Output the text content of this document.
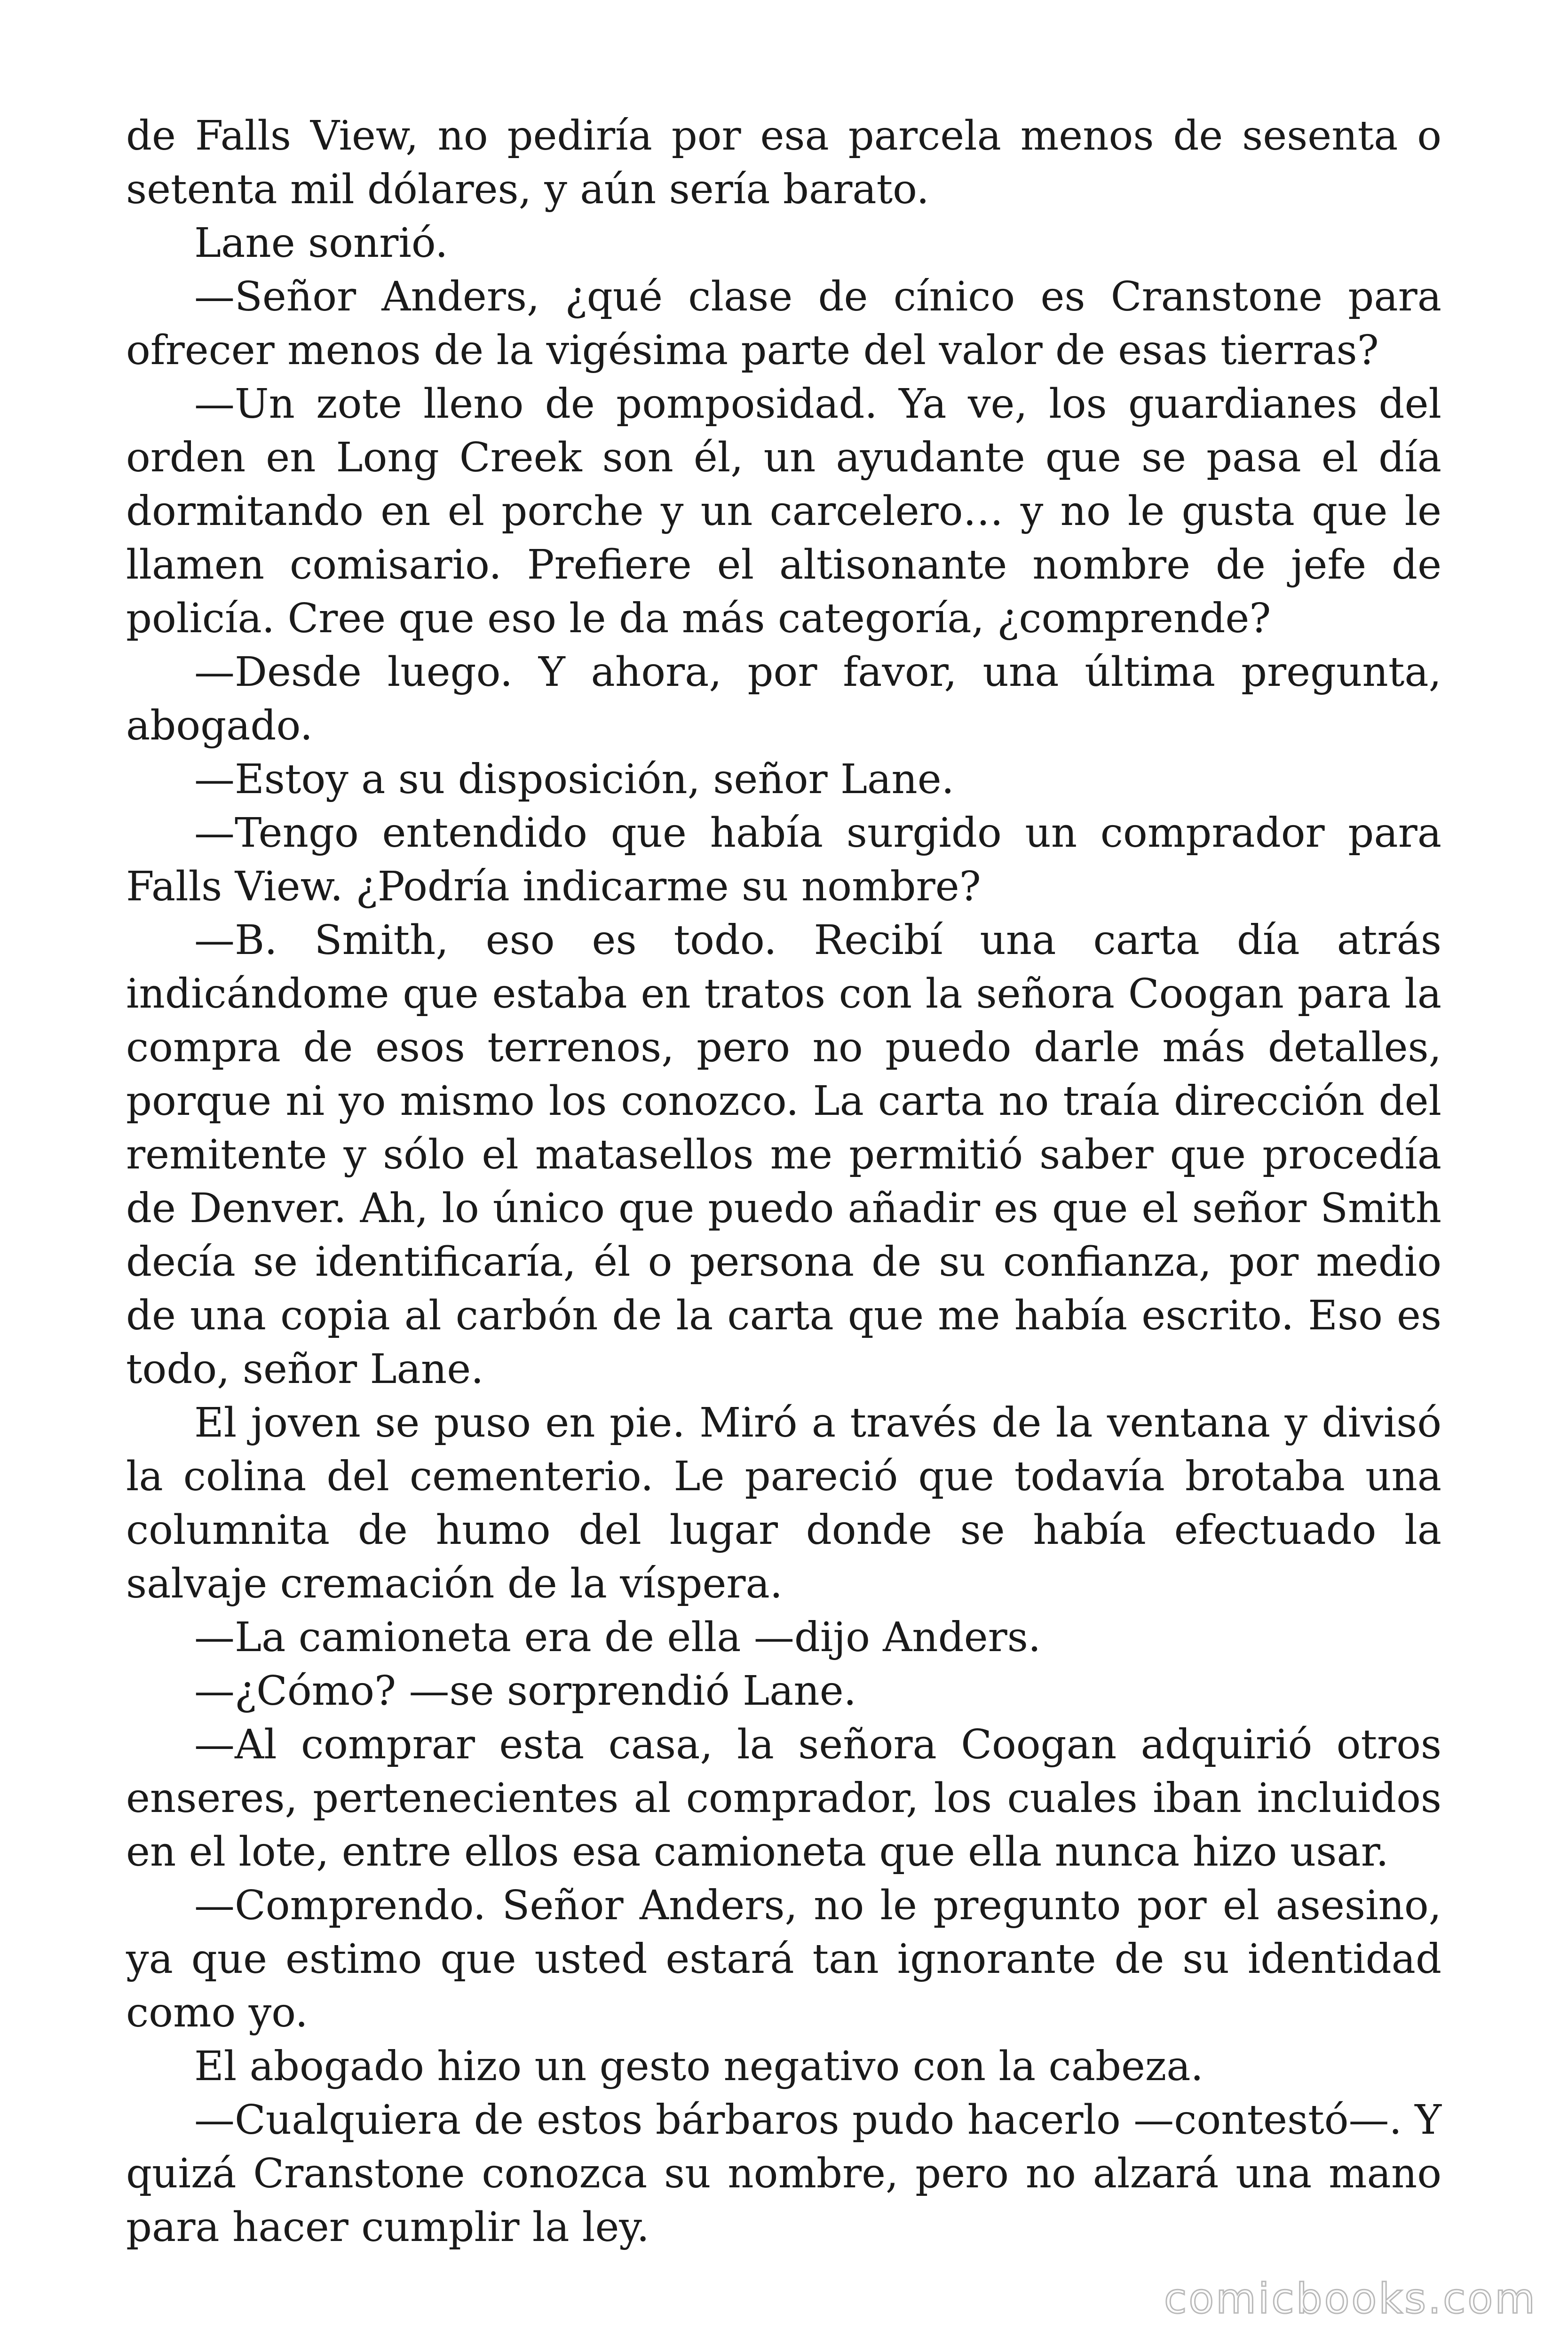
de Falls View, no pediría por esa parcela menos de sesenta o setenta mil dólares, y aún sería barato.

Lane sonrió.

—Señor Anders, ¿qué clase de cínico es Cranstone para ofrecer menos de la vigésima parte del valor de esas tierras?

—Un zote lleno de pomposidad. Ya ve, los guardianes del orden en Long Creek son él, un ayudante que se pasa el día dormitando en el porche y un carcelero… y no le gusta que le llamen comisario. Prefiere el altisonante nombre de jefe de policía. Cree que eso le da más categoría, ¿comprende?

—Desde luego. Y ahora, por favor, una última pregunta, abogado.

—Estoy a su disposición, señor Lane.

—Tengo entendido que había surgido un comprador para Falls View. ¿Podría indicarme su nombre?

—B. Smith, eso es todo. Recibí una carta día atrás indicándome que estaba en tratos con la señora Coogan para la compra de esos terrenos, pero no puedo darle más detalles, porque ni yo mismo los conozco. La carta no traía dirección del remitente y sólo el matasellos me permitió saber que procedía de Denver. Ah, lo único que puedo añadir es que el señor Smith decía se identificaría, él o persona de su confianza, por medio de una copia al carbón de la carta que me había escrito. Eso es todo, señor Lane.

El joven se puso en pie. Miró a través de la ventana y divisó la colina del cementerio. Le pareció que todavía brotaba una columnita de humo del lugar donde se había efectuado la salvaje cremación de la víspera.

—La camioneta era de ella —dijo Anders.

—¿Cómo? —se sorprendió Lane.

—Al comprar esta casa, la señora Coogan adquirió otros enseres, pertenecientes al comprador, los cuales iban incluidos en el lote, entre ellos esa camioneta que ella nunca hizo usar.

—Comprendo. Señor Anders, no le pregunto por el asesino, ya que estimo que usted estará tan ignorante de su identidad como yo.

El abogado hizo un gesto negativo con la cabeza.

—Cualquiera de estos bárbaros pudo hacerlo —contestó—. Y quizá Cranstone conozca su nombre, pero no alzará una mano para hacer cumplir la ley.

comicbooks.com
